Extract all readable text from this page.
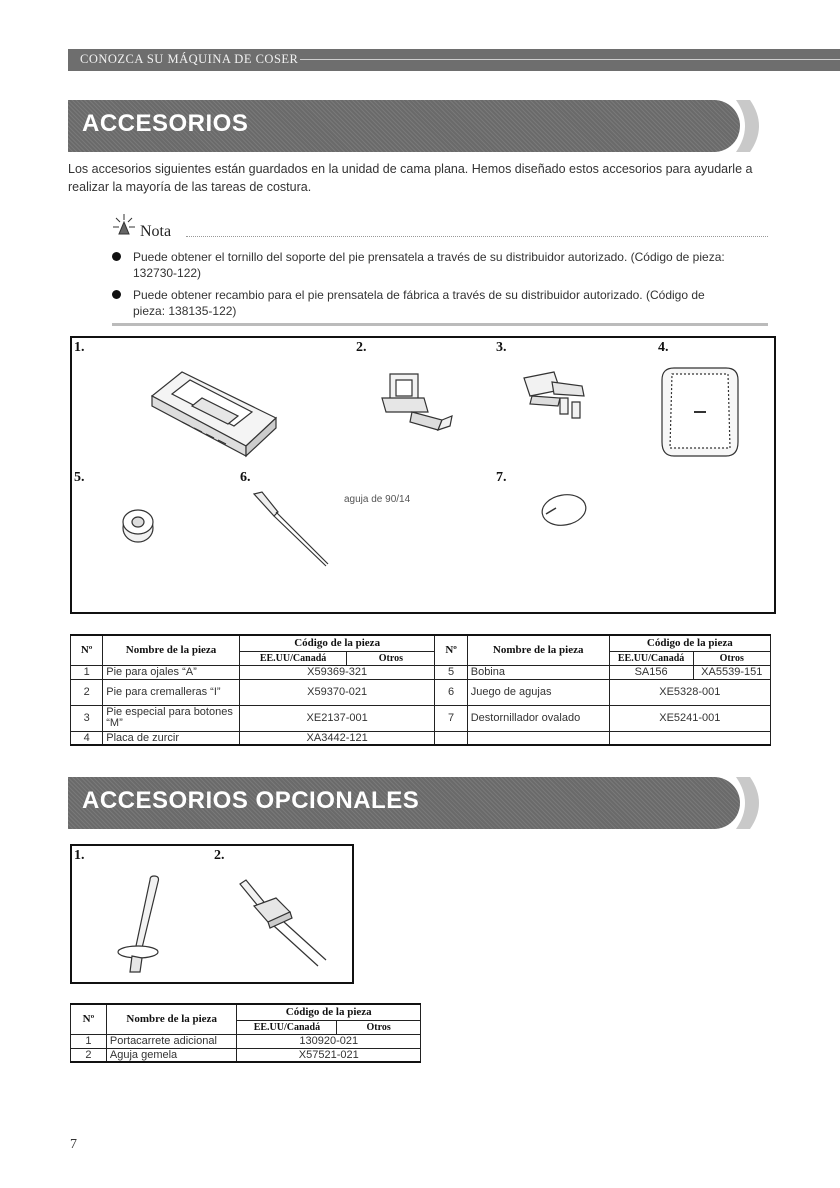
CONOZCA SU MÁQUINA DE COSER
ACCESORIOS
Los accesorios siguientes están guardados en la unidad de cama plana. Hemos diseñado estos accesorios para ayudarle a realizar la mayoría de las tareas de costura.
Nota
Puede obtener el tornillo del soporte del pie prensatela a través de su distribuidor autorizado. (Código de pieza: 132730-122)
Puede obtener recambio para el pie prensatela de fábrica a través de su distribuidor autorizado. (Código de pieza: 138135-122)
1.	2.	3.	4.
5.	6.	7.
aguja de 90/14
Nº	Nombre de la pieza	Código de la pieza		Nº	Nombre de la pieza	Código de la pieza	
		EE.UU/Canadá	Otros			EE.UU/Canadá	Otros
1	Pie para ojales “A”	X59369-321		5	Bobina	SA156	XA5539-151
2	Pie para cremalleras “I”	X59370-021		6	Juego de agujas	XE5328-001	
3	Pie especial para botones “M”	XE2137-001		7	Destornillador ovalado	XE5241-001	
4	Placa de zurcir	XA3442-121					
ACCESORIOS OPCIONALES
1.	2.
Nº	Nombre de la pieza	Código de la pieza	
		EE.UU/Canadá	Otros
1	Portacarrete adicional	130920-021	
2	Aguja gemela	X57521-021	
7
